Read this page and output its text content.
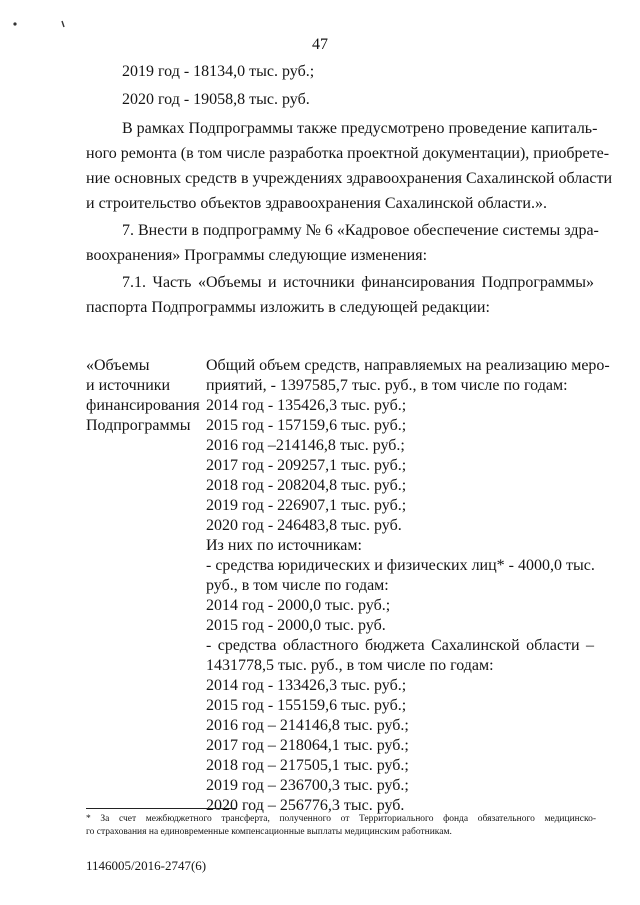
47
2019 год - 18134,0 тыс. руб.;
2020 год - 19058,8 тыс. руб.
В рамках Подпрограммы также предусмотрено проведение капиталь-
ного ремонта (в том числе разработка проектной документации), приобрете-
ние основных средств в учреждениях здравоохранения Сахалинской области
и строительство объектов здравоохранения Сахалинской области.».
7. Внести в подпрограмму № 6 «Кадровое обеспечение системы здра-
воохранения» Программы следующие изменения:
7.1. Часть «Объемы и источники финансирования Подпрограммы»
паспорта Подпрограммы изложить в следующей редакции:
«Объемы
и источники
финансирования
Подпрограммы
Общий объем средств, направляемых на реализацию меро-
приятий, - 1397585,7 тыс. руб., в том числе по годам:
2014 год - 135426,3 тыс. руб.;
2015 год - 157159,6 тыс. руб.;
2016 год –214146,8 тыс. руб.;
2017 год - 209257,1 тыс. руб.;
2018 год - 208204,8 тыс. руб.;
2019 год - 226907,1 тыс. руб.;
2020 год - 246483,8 тыс. руб.
Из них по источникам:
- средства юридических и физических лиц* - 4000,0 тыс.
руб., в том числе по годам:
2014 год - 2000,0 тыс. руб.;
2015 год - 2000,0 тыс. руб.
- средства областного бюджета Сахалинской области –
1431778,5 тыс. руб., в том числе по годам:
2014 год - 133426,3 тыс. руб.;
2015 год - 155159,6 тыс. руб.;
2016 год – 214146,8 тыс. руб.;
2017 год – 218064,1 тыс. руб.;
2018 год – 217505,1 тыс. руб.;
2019 год – 236700,3 тыс. руб.;
2020 год – 256776,3 тыс. руб.
* За счет межбюджетного трансферта, полученного от Территориального фонда обязательного медицинско-
го страхования на единовременные компенсационные выплаты медицинским работникам.
1146005/2016-2747(6)
